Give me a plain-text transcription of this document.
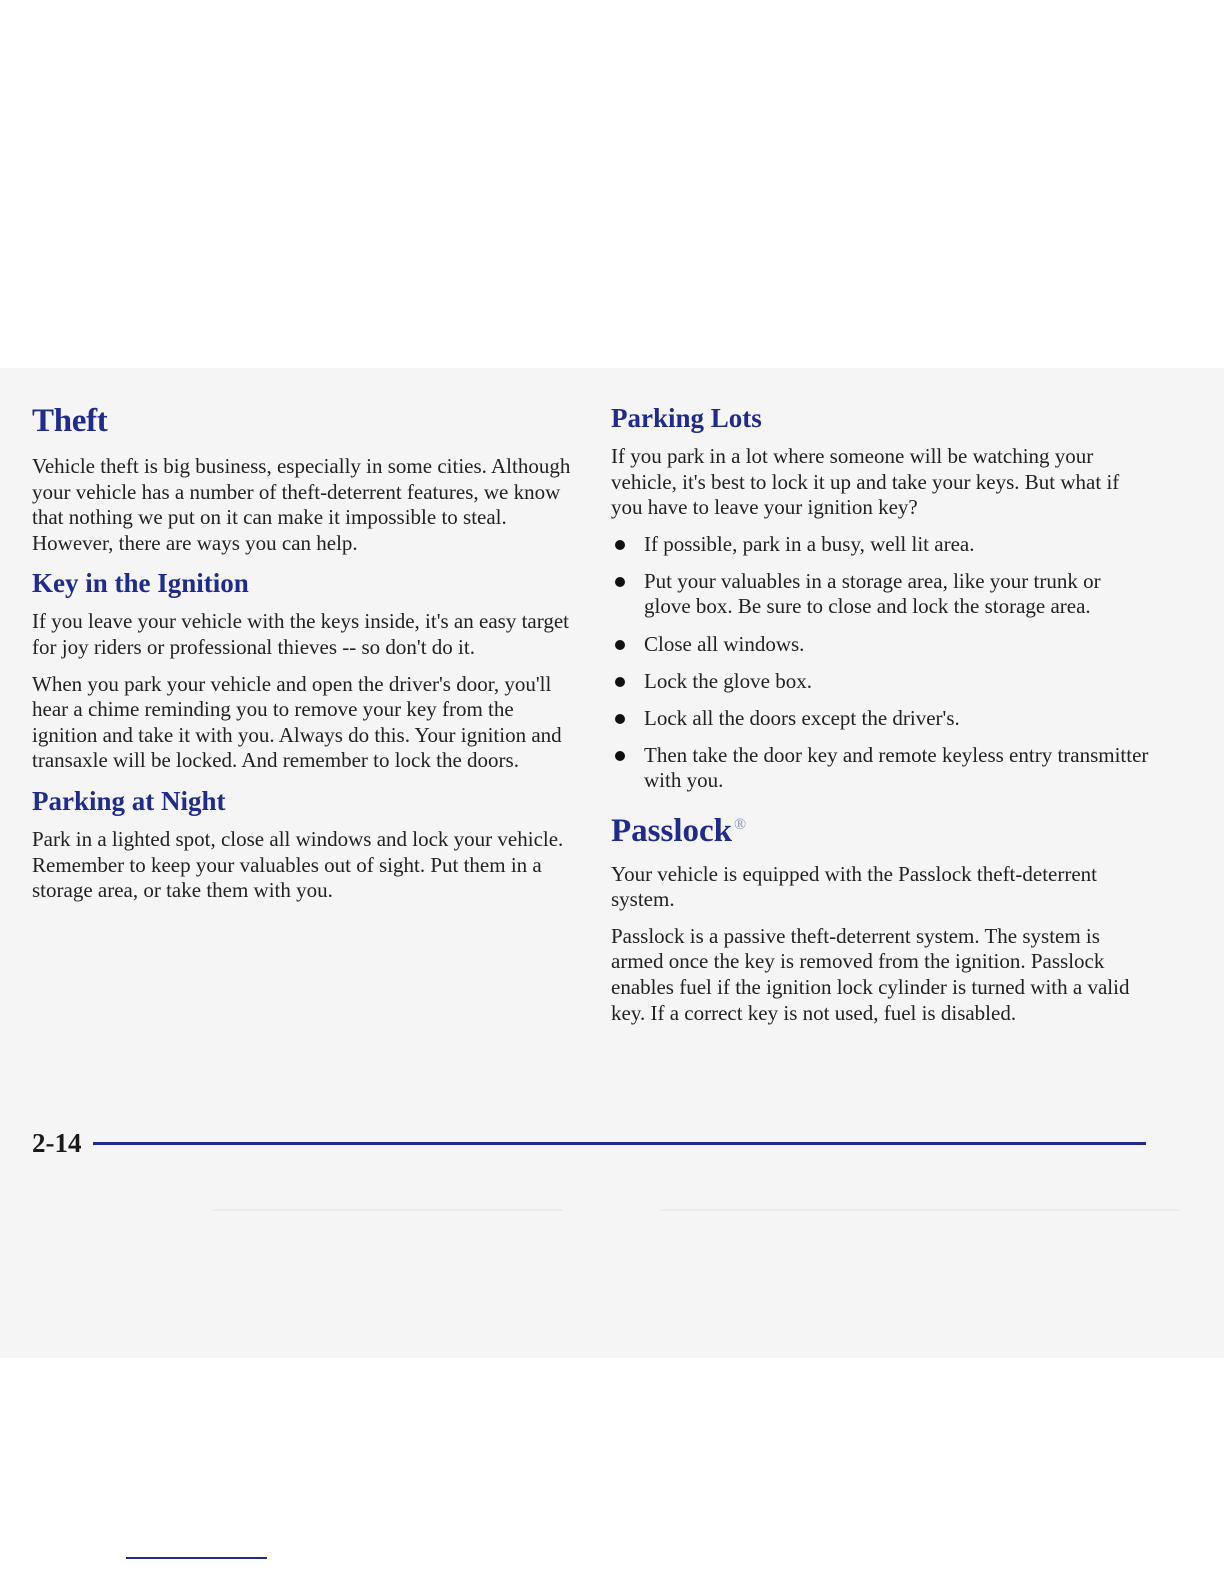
Theft

Vehicle theft is big business, especially in some cities. Although your vehicle has a number of theft-deterrent features, we know that nothing we put on it can make it impossible to steal. However, there are ways you can help.

Key in the Ignition

If you leave your vehicle with the keys inside, it's an easy target for joy riders or professional thieves -- so don't do it.

When you park your vehicle and open the driver's door, you'll hear a chime reminding you to remove your key from the ignition and take it with you. Always do this. Your ignition and transaxle will be locked. And remember to lock the doors.

Parking at Night

Park in a lighted spot, close all windows and lock your vehicle. Remember to keep your valuables out of sight. Put them in a storage area, or take them with you.

Parking Lots

If you park in a lot where someone will be watching your vehicle, it's best to lock it up and take your keys. But what if you have to leave your ignition key?

If possible, park in a busy, well lit area.
Put your valuables in a storage area, like your trunk or glove box. Be sure to close and lock the storage area.
Close all windows.
Lock the glove box.
Lock all the doors except the driver's.
Then take the door key and remote keyless entry transmitter with you.
Passlock ®

Your vehicle is equipped with the Passlock theft-deterrent system.

Passlock is a passive theft-deterrent system. The system is armed once the key is removed from the ignition. Passlock enables fuel if the ignition lock cylinder is turned with a valid key. If a correct key is not used, fuel is disabled.

2-14
